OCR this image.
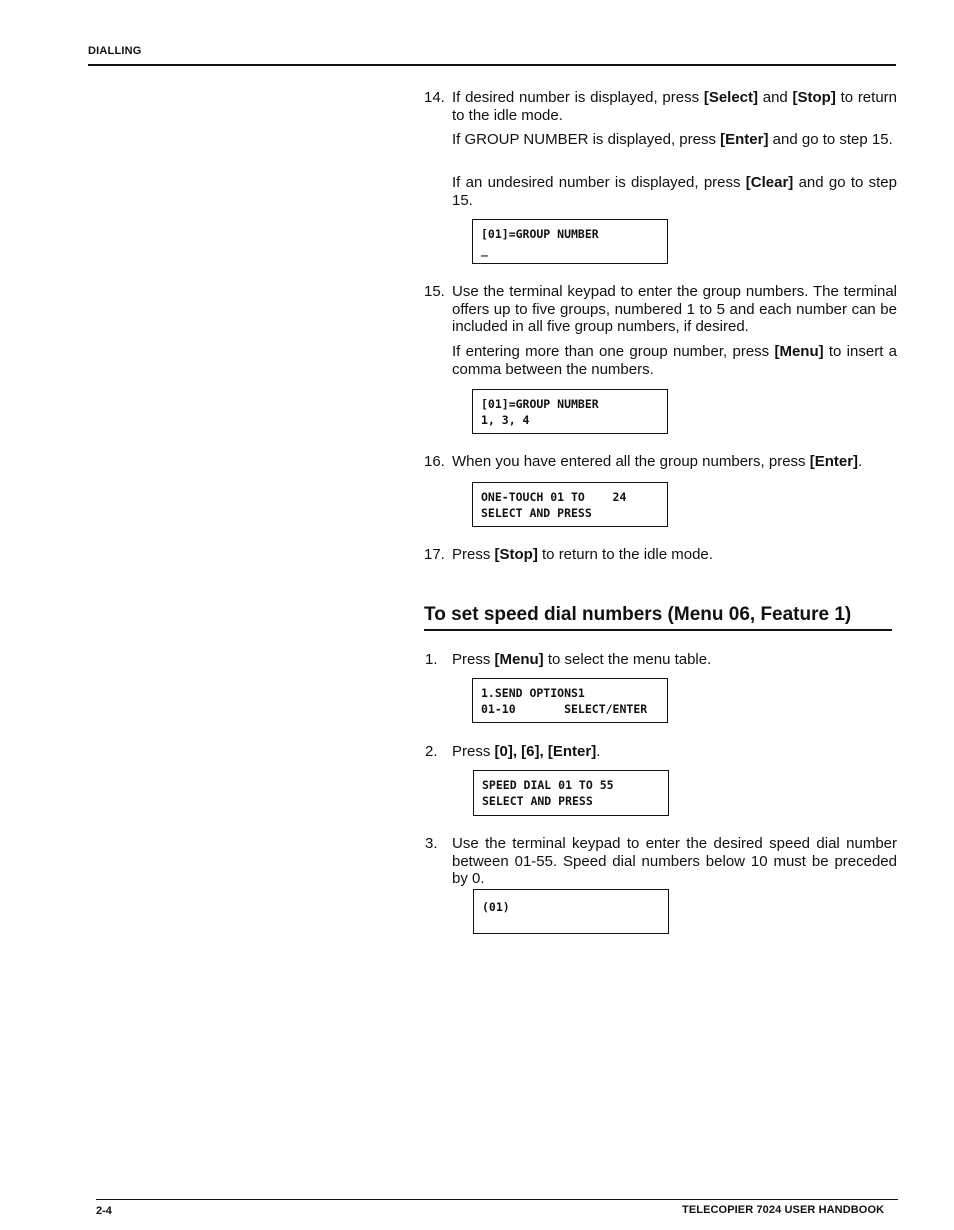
DIALLING
14. If desired number is displayed, press [Select] and [Stop] to return to the idle mode.
If GROUP NUMBER is displayed, press [Enter] and go to step 15.
If an undesired number is displayed, press [Clear] and go to step 15.
[01]=GROUP NUMBER
_
15. Use the terminal keypad to enter the group numbers. The terminal offers up to five groups, numbered 1 to 5 and each number can be included in all five group numbers, if desired.
If entering more than one group number, press [Menu] to insert a comma between the numbers.
[01]=GROUP NUMBER
1, 3, 4
16. When you have entered all the group numbers, press [Enter].
ONE-TOUCH 01 TO    24
SELECT AND PRESS
17. Press [Stop] to return to the idle mode.
To set speed dial numbers (Menu 06, Feature 1)
1. Press [Menu] to select the menu table.
1.SEND OPTIONS1
01-10       SELECT/ENTER
2. Press [0], [6], [Enter].
SPEED DIAL 01 TO 55
SELECT AND PRESS
3. Use the terminal keypad to enter the desired speed dial number between 01-55. Speed dial numbers below 10 must be preceded by 0.
(01)
2-4	TELECOPIER 7024 USER HANDBOOK
